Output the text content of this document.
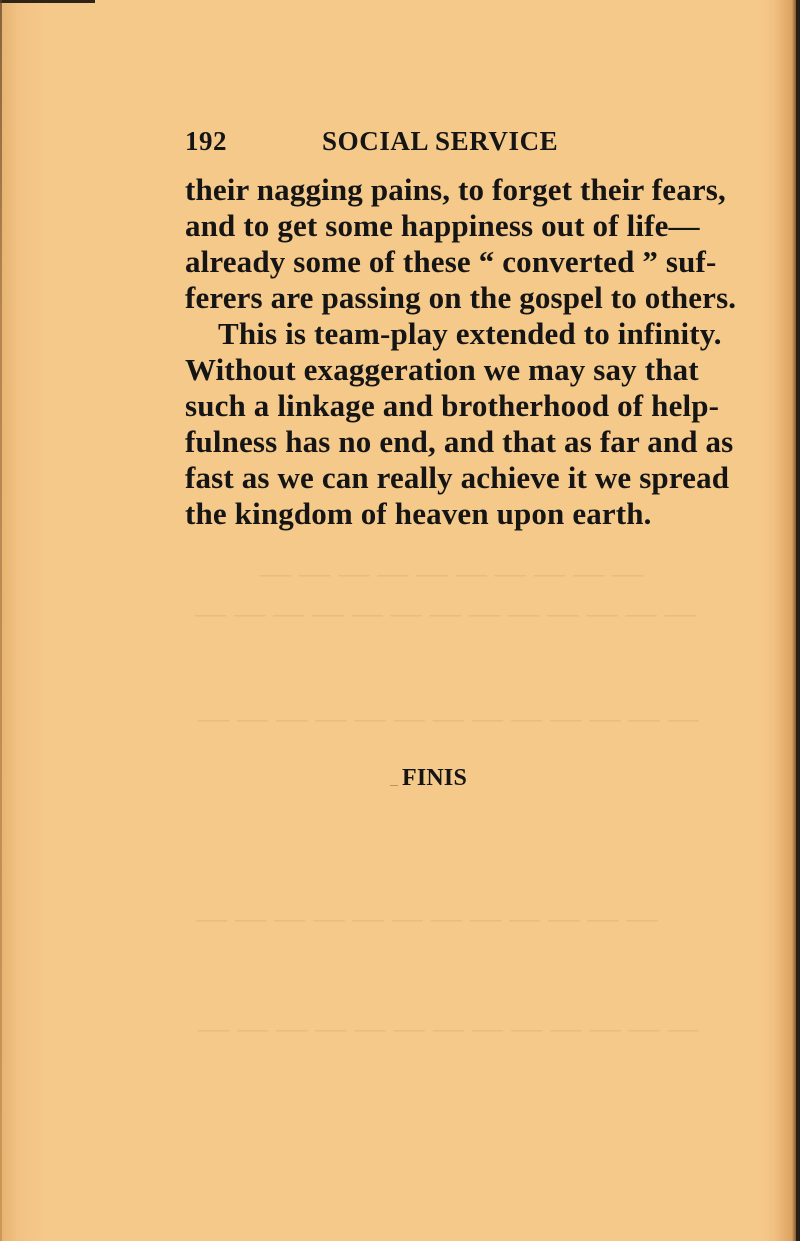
— — — — — — — — — —
— — — — — — — — — — — — —
— — — — — — — — — — — — —
— — — — — — — — — — — —
— — — — — — — — — — — — —
192	SOCIAL SERVICE
their nagging pains, to forget their fears,
and to get some happiness out of life—
already some of these “ converted ” suf-
ferers are passing on the gospel to others.
This is team-play extended to infinity.
Without exaggeration we may say that
such a linkage and brotherhood of help-
fulness has no end, and that as far and as
fast as we can really achieve it we spread
the kingdom of heaven upon earth.
FINIS
